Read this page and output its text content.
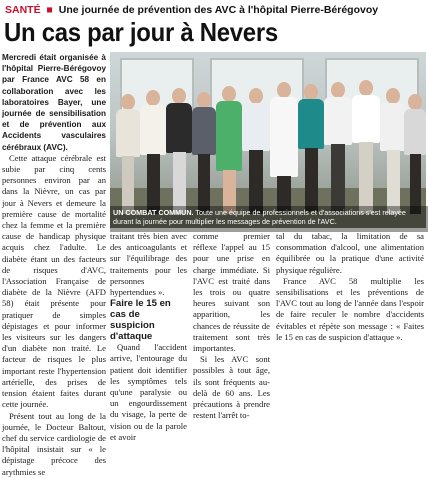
SANTÉ ■ Une journée de prévention des AVC à l'hôpital Pierre-Bérégovoy
Un cas par jour à Nevers

Mercredi était organisée à l'hôpital Pierre-Bérégovoy par France AVC 58 en collaboration avec les laboratoires Bayer, une journée de sensibilisation et de prévention aux Accidents vasculaires cérébraux (AVC).

Cette attaque cérébrale est subie par cinq cents personnes environ par an dans la Nièvre, un cas par jour à Nevers et demeure la première cause de mortalité chez la femme et la première cause de handicap physique acquis chez l'adulte. Le diabète étant un des facteurs de risques d'AVC, l'Association Française de diabète de la Nièvre (AFD 58) était présente pour pratiquer de simples dépistages et pour informer les visiteurs sur les dangers d'un diabète non traité. Le facteur de risques le plus important reste l'hypertension artérielle, des prises de tension étaient faites durant cette journée.

Présent tout au long de la journée, le Docteur Baltout, chef du service cardiologie de l'hôpital insistait sur « le dépistage précoce des arythmies se

UN COMBAT COMMUN. Toute une équipe de professionnels et d'associations s'est relayée durant la journée pour multiplier les messages de prévention de l'AVC.

traitant très bien avec des anticoagulants et sur l'équilibrage des traitements pour les personnes hypertendues ».

Faire le 15 en cas de suspicion d'attaque

Quand l'accident arrive, l'entourage du patient doit identifier les symptômes tels qu'une paralysie ou un engourdissement du visage, la perte de vision ou de la parole et avoir

comme premier réflexe l'appel au 15 pour une prise en charge immédiate. Si l'AVC est traité dans les trois ou quatre heures suivant son apparition, les chances de réussite de traitement sont très importantes.

Si les AVC sont possibles à tout âge, ils sont fréquents au-delà de 60 ans. Les précautions à prendre restent l'arrêt to-

tal du tabac, la limitation de sa consommation d'alcool, une alimentation équilibrée ou la pratique d'une activité physique régulière.

France AVC 58 multiplie les sensibilisations et les préventions de l'AVC tout au long de l'année dans l'espoir de faire reculer le nombre d'accidents évitables et répète son message : « Faites le 15 en cas de suspicion d'attaque ».
